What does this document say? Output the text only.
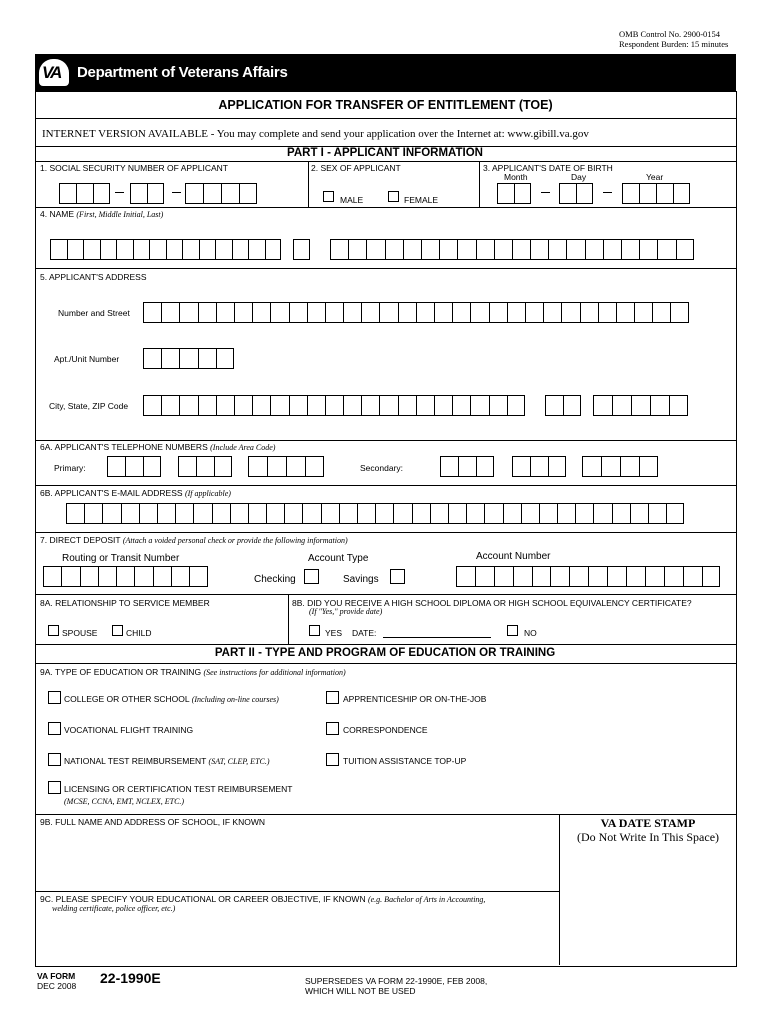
OMB Control No. 2900-0154
Respondent Burden: 15 minutes
VA Department of Veterans Affairs
APPLICATION FOR TRANSFER OF ENTITLEMENT (TOE)
INTERNET VERSION AVAILABLE - You may complete and send your application over the Internet at: www.gibill.va.gov
PART I - APPLICANT INFORMATION
1. SOCIAL SECURITY NUMBER OF APPLICANT	2. SEX OF APPLICANT	3. APPLICANT'S DATE OF BIRTH
Month	Day	Year
MALE	FEMALE
4. NAME (First, Middle Initial, Last)
5. APPLICANT'S ADDRESS
Number and Street
Apt./Unit Number
City, State, ZIP Code
6A. APPLICANT'S TELEPHONE NUMBERS (Include Area Code)
Primary:	Secondary:
6B. APPLICANT'S E-MAIL ADDRESS (If applicable)
7. DIRECT DEPOSIT (Attach a voided personal check or provide the following information)
Routing or Transit Number	Account Type	Account Number
Checking	Savings
8A. RELATIONSHIP TO SERVICE MEMBER	8B. DID YOU RECEIVE A HIGH SCHOOL DIPLOMA OR HIGH SCHOOL EQUIVALENCY CERTIFICATE?
(If "Yes," provide date)
SPOUSE	CHILD	YES DATE:	NO
PART II - TYPE AND PROGRAM OF EDUCATION OR TRAINING
9A. TYPE OF EDUCATION OR TRAINING (See instructions for additional information)
COLLEGE OR OTHER SCHOOL (Including on-line courses)	APPRENTICESHIP OR ON-THE-JOB
VOCATIONAL FLIGHT TRAINING	CORRESPONDENCE
NATIONAL TEST REIMBURSEMENT (SAT, CLEP, ETC.)	TUITION ASSISTANCE TOP-UP
LICENSING OR CERTIFICATION TEST REIMBURSEMENT
(MCSE, CCNA, EMT, NCLEX, ETC.)
9B. FULL NAME AND ADDRESS OF SCHOOL, IF KNOWN	VA DATE STAMP
(Do Not Write In This Space)
9C. PLEASE SPECIFY YOUR EDUCATIONAL OR CAREER OBJECTIVE, IF KNOWN (e.g. Bachelor of Arts in Accounting,
welding certificate, police officer, etc.)
VA FORM
DEC 2008 22-1990E	SUPERSEDES VA FORM 22-1990E, FEB 2008,
WHICH WILL NOT BE USED
